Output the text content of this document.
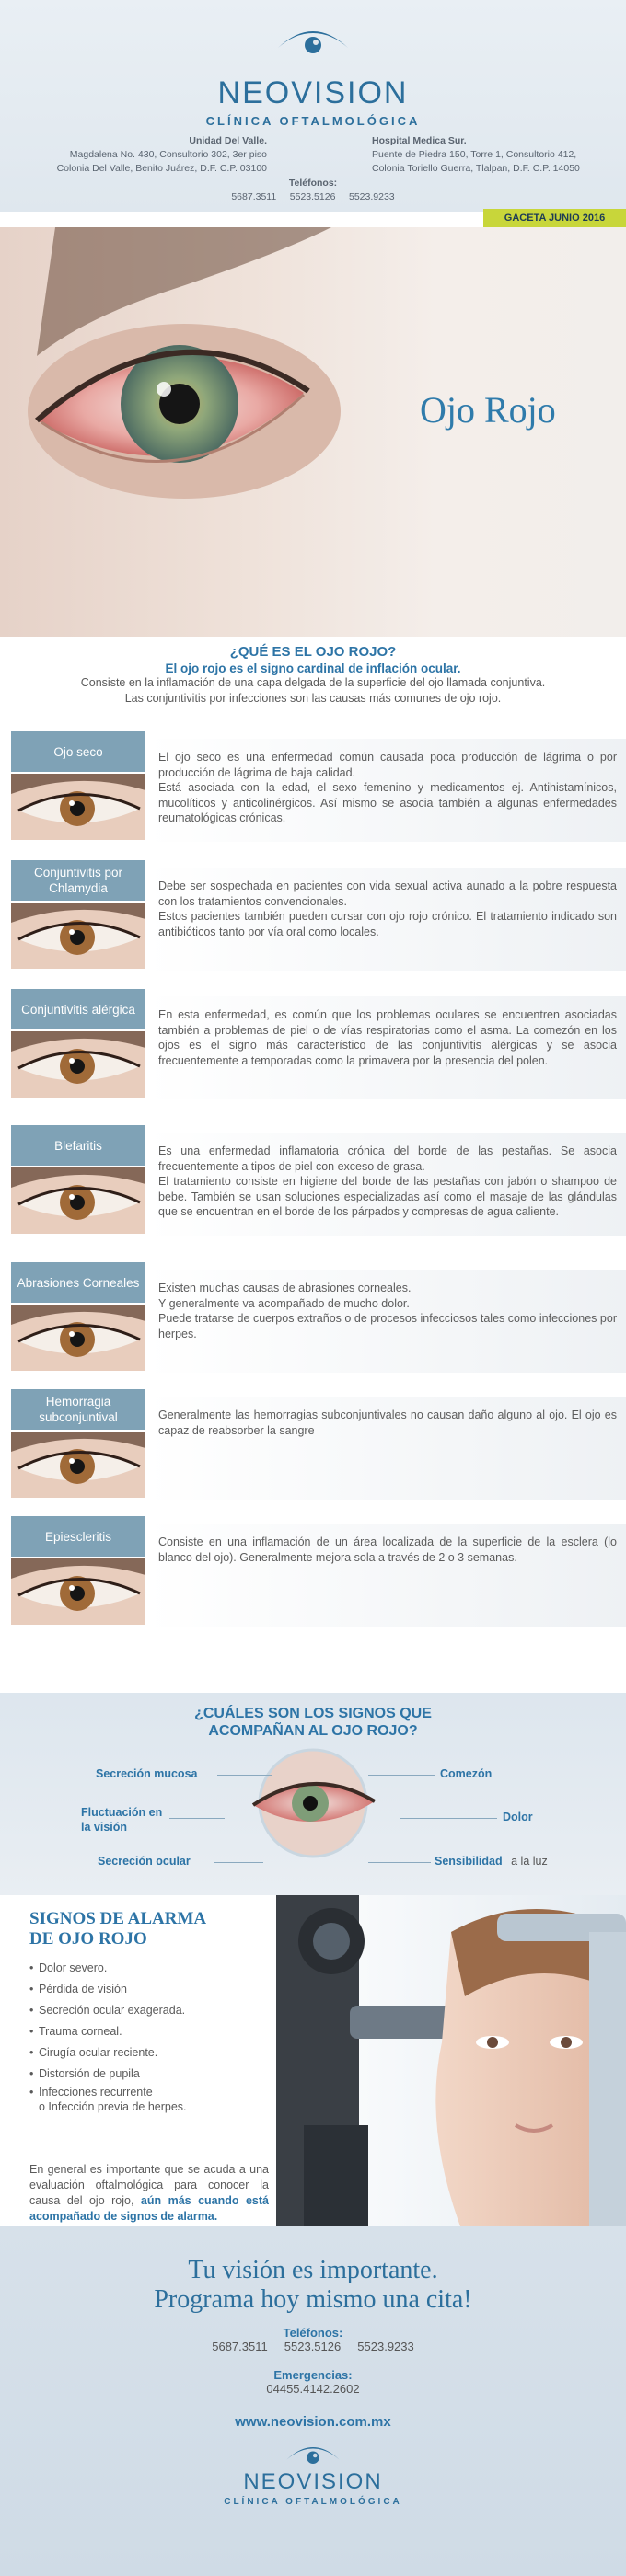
NEOVISION
CLÍNICA OFTALMOLÓGICA
Unidad Del Valle.
Magdalena No. 430, Consultorio 302, 3er piso
Colonia Del Valle, Benito Juárez, D.F. C.P. 03100
Hospital Medica Sur.
Puente de Piedra 150, Torre 1, Consultorio 412,
Colonia Toriello Guerra, Tlalpan, D.F. C.P. 14050
Teléfonos:
5687.3511     5523.5126     5523.9233
GACETA JUNIO 2016
Ojo Rojo
¿QUÉ ES EL OJO ROJO?
El ojo rojo es el signo cardinal de inflación ocular.
Consiste en la inflamación de una capa delgada de la superficie del ojo llamada conjuntiva.
Las conjuntivitis por infecciones son las causas más comunes de ojo rojo.
Ojo seco	El ojo seco es una enfermedad común causada poca producción de lágrima o por producción de lágrima de baja calidad.
Está asociada con la edad, el sexo femenino y medicamentos ej. Antihistamínicos, mucolíticos y anticolinérgicos. Así mismo se asocia también a algunas enfermedades reumatológicas crónicas.
Conjuntivitis por Chlamydia	Debe ser sospechada en pacientes con vida sexual activa aunado a la pobre respuesta con los tratamientos convencionales.
Estos pacientes también pueden cursar con ojo rojo crónico. El tratamiento indicado son antibióticos tanto por vía oral como locales.
Conjuntivitis alérgica	En esta enfermedad, es común que los problemas oculares se encuentren asociadas también a problemas de piel o de vías respiratorias como el asma. La comezón en los ojos es el signo más característico de las conjuntivitis alérgicas y se asocia frecuentemente a temporadas como la primavera por la presencia del polen.
Blefaritis	Es una enfermedad inflamatoria crónica del borde de las pestañas. Se asocia frecuentemente a tipos de piel con exceso de grasa.
El tratamiento consiste en higiene del borde de las pestañas con jabón o shampoo de bebe. También se usan soluciones especializadas así como el masaje de las glándulas que se encuentran en el borde de los párpados y compresas de agua caliente.
Abrasiones Corneales	Existen muchas causas de abrasiones corneales.
Y generalmente va acompañado de mucho dolor.
Puede tratarse de cuerpos extraños o de procesos infecciosos tales como infecciones por herpes.
Hemorragia subconjuntival	Generalmente las hemorragias subconjuntivales no causan daño alguno al ojo. El ojo es capaz de reabsorber la sangre
Epiescleritis	Consiste en una inflamación de un área localizada de la superficie de la esclera (lo blanco del ojo). Generalmente mejora sola a través de 2 o 3 semanas.
¿CUÁLES SON LOS SIGNOS QUE ACOMPAÑAN AL OJO ROJO?
Secreción mucosa	Comezón
Fluctuación en la visión
Dolor
Secreción ocular	Sensibilidad a la luz
SIGNOS DE ALARMA DE OJO ROJO
• Dolor severo.
• Pérdida de visión
• Secreción ocular exagerada.
• Trauma corneal.
• Cirugía ocular reciente.
• Distorsión de pupila
• Infecciones recurrente
o Infección previa de herpes.
En general es importante que se acuda a una evaluación oftalmológica para conocer la causa del ojo rojo, aún más cuando está acompañado de signos de alarma.
Tu visión es importante.
Programa hoy mismo una cita!
Teléfonos:
5687.3511     5523.5126     5523.9233
Emergencias:
04455.4142.2602
www.neovision.com.mx
NEOVISION
CLÍNICA OFTALMOLÓGICA
